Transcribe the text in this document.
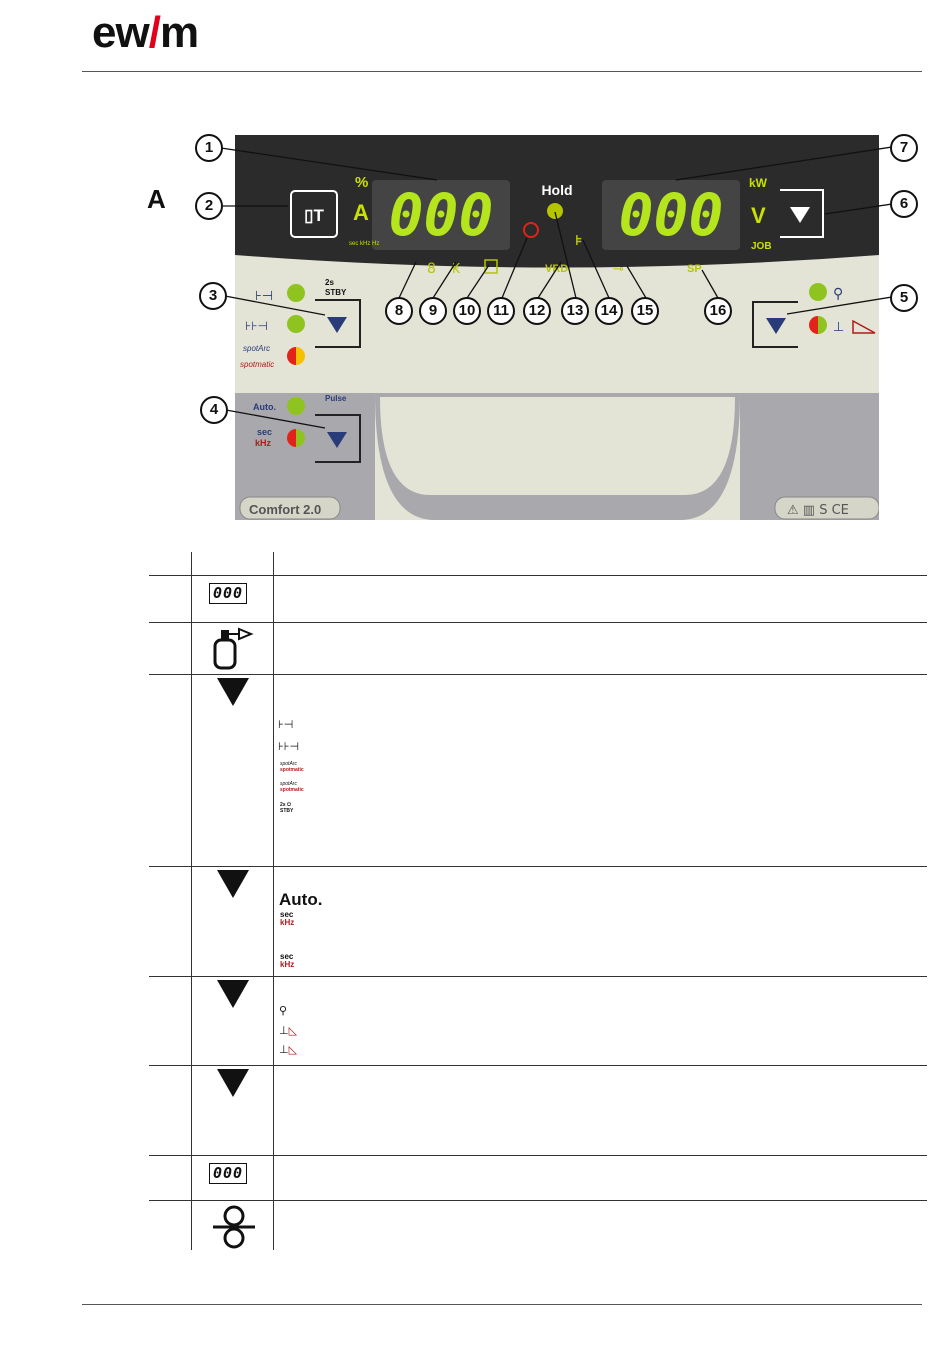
ew/m
A	000 000
%
A
sec kHz Hz
kW
V
JOB
▯T
Hold
8 ₭	VRD
⊧
⊸	SP
⊦⊣
2s
STBY
⊦⊦⊣
spotArc
spotmatic
Auto.
Pulse
sec
kHz
⚲
⊥
Comfort 2.0	⚠ ▥ S CE
1
2
3
4
5
6
7
8	9	10	11	12	13	14	15	16
000
⊦⊣
⊦⊦⊣
spotArc
spotmatic
spotArc
spotmatic
2s ⏻
STBY
Auto.
sec
kHz
sec
kHz
⚲
⊥◺
⊥◺
000
